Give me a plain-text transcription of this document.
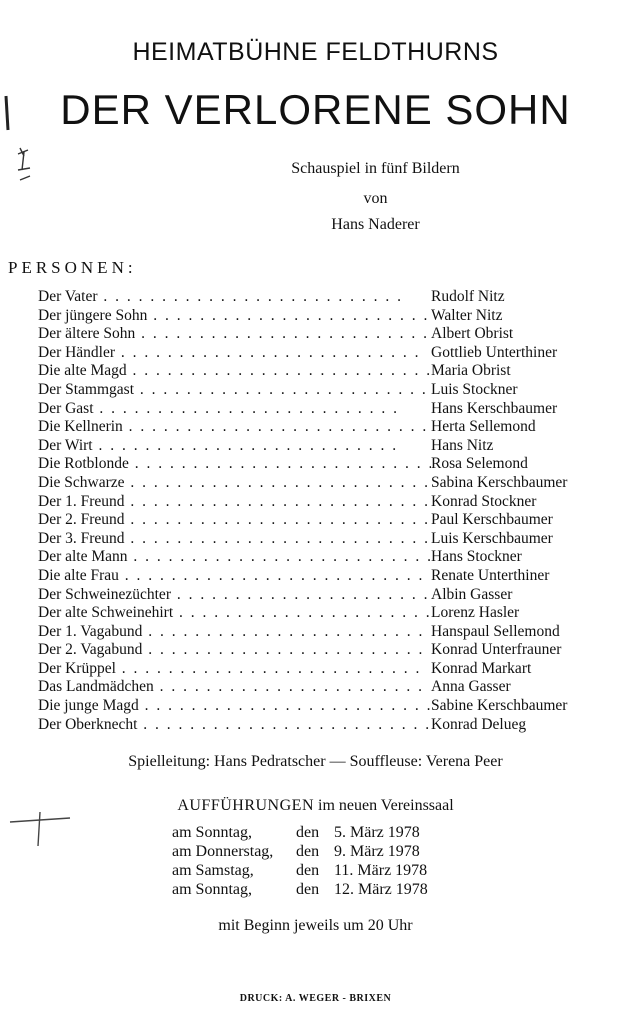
HEIMATBÜHNE FELDTHURNS
DER VERLORENE SOHN
Schauspiel in fünf Bildern
von
Hans Naderer
PERSONEN:
Der Vater . .	Rudolf Nitz
Der jüngere Sohn . .	Walter Nitz
Der ältere Sohn . .	Albert Obrist
Der Händler . .	Gottlieb Unterthiner
Die alte Magd . .	Maria Obrist
Der Stammgast . .	Luis Stockner
Der Gast . .	Hans Kerschbaumer
Die Kellnerin . .	Herta Sellemond
Der Wirt . .	Hans Nitz
Die Rotblonde . .	Rosa Selemond
Die Schwarze . .	Sabina Kerschbaumer
Der 1. Freund . .	Konrad Stockner
Der 2. Freund . .	Paul Kerschbaumer
Der 3. Freund . .	Luis Kerschbaumer
Der alte Mann . .	Hans Stockner
Die alte Frau . .	Renate Unterthiner
Der Schweinezüchter . .	Albin Gasser
Der alte Schweinehirt . .	Lorenz Hasler
Der 1. Vagabund . .	Hanspaul Sellemond
Der 2. Vagabund . .	Konrad Unterfrauner
Der Krüppel . .	Konrad Markart
Das Landmädchen . .	Anna Gasser
Die junge Magd . .	Sabine Kerschbaumer
Der Oberknecht . .	Konrad Delueg
Spielleitung: Hans Pedratscher — Souffleuse: Verena Peer
AUFFÜHRUNGEN im neuen Vereinssaal
am Sonntag,	den 5. März 1978
am Donnerstag,	den 9. März 1978
am Samstag,	den 11. März 1978
am Sonntag,	den 12. März 1978
mit Beginn jeweils um 20 Uhr
DRUCK: A. WEGER - BRIXEN
